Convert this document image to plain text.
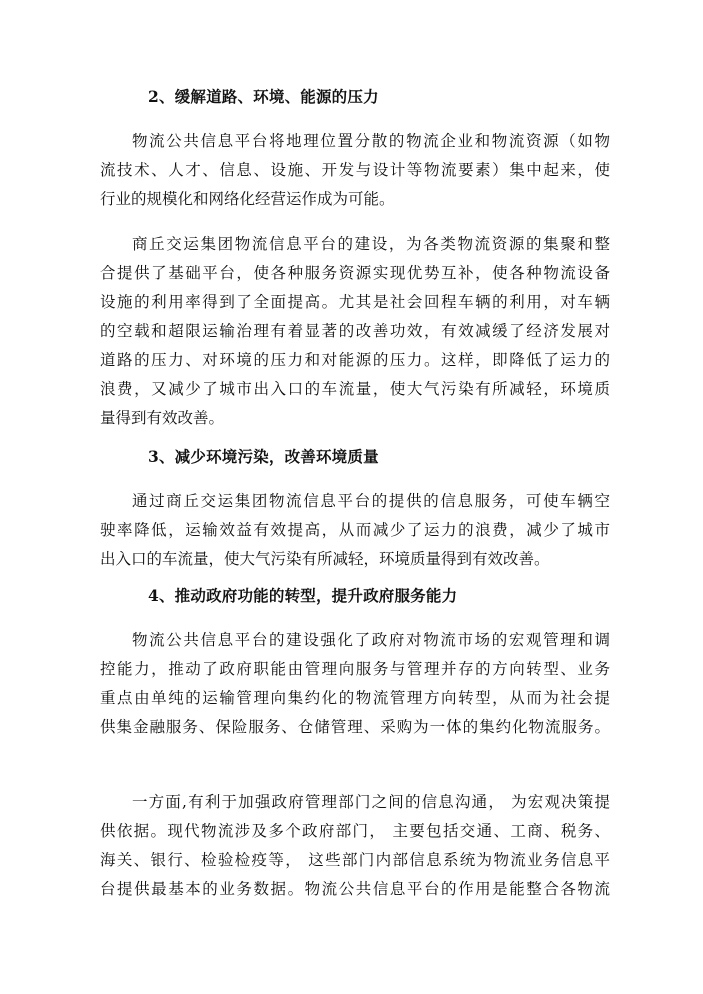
2、缓解道路、环境、能源的压力
物流公共信息平台将地理位置分散的物流企业和物流资源（如物
流技术、人才、信息、设施、开发与设计等物流要素）集中起来，使
行业的规模化和网络化经营运作成为可能。
商丘交运集团物流信息平台的建设，为各类物流资源的集聚和整
合提供了基础平台，使各种服务资源实现优势互补，使各种物流设备
设施的利用率得到了全面提高。尤其是社会回程车辆的利用，对车辆
的空载和超限运输治理有着显著的改善功效，有效减缓了经济发展对
道路的压力、对环境的压力和对能源的压力。这样，即降低了运力的
浪费，又减少了城市出入口的车流量，使大气污染有所减轻，环境质
量得到有效改善。
3、减少环境污染，改善环境质量
通过商丘交运集团物流信息平台的提供的信息服务，可使车辆空
驶率降低，运输效益有效提高，从而减少了运力的浪费，减少了城市
出入口的车流量，使大气污染有所减轻，环境质量得到有效改善。
4、推动政府功能的转型，提升政府服务能力
物流公共信息平台的建设强化了政府对物流市场的宏观管理和调
控能力，推动了政府职能由管理向服务与管理并存的方向转型、业务
重点由单纯的运输管理向集约化的物流管理方向转型，从而为社会提
供集金融服务、保险服务、仓储管理、采购为一体的集约化物流服务。
一方面,有利于加强政府管理部门之间的信息沟通， 为宏观决策提
供依据。现代物流涉及多个政府部门， 主要包括交通、工商、税务、
海关、银行、检验检疫等， 这些部门内部信息系统为物流业务信息平
台提供最基本的业务数据。物流公共信息平台的作用是能整合各物流
